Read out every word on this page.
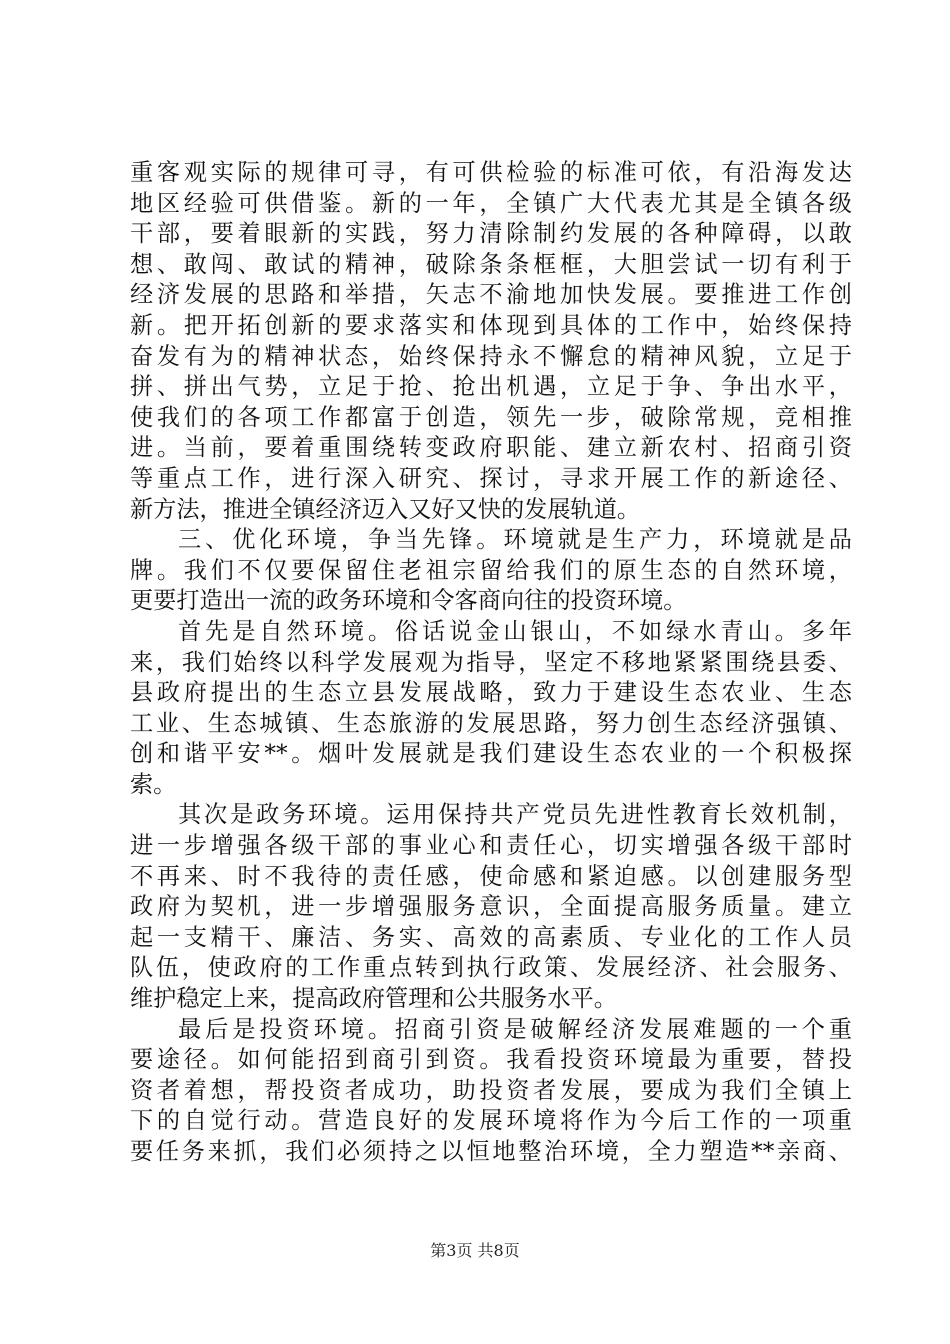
重客观实际的规律可寻，有可供检验的标准可依，有沿海发达
地区经验可供借鉴。新的一年，全镇广大代表尤其是全镇各级
干部，要着眼新的实践，努力清除制约发展的各种障碍，以敢
想、敢闯、敢试的精神，破除条条框框，大胆尝试一切有利于
经济发展的思路和举措，矢志不渝地加快发展。要推进工作创
新。把开拓创新的要求落实和体现到具体的工作中，始终保持
奋发有为的精神状态，始终保持永不懈怠的精神风貌，立足于
拼、拼出气势，立足于抢、抢出机遇，立足于争、争出水平，
使我们的各项工作都富于创造，领先一步，破除常规，竞相推
进。当前，要着重围绕转变政府职能、建立新农村、招商引资
等重点工作，进行深入研究、探讨，寻求开展工作的新途径、
新方法，推进全镇经济迈入又好又快的发展轨道。
三、优化环境，争当先锋。环境就是生产力，环境就是品
牌。我们不仅要保留住老祖宗留给我们的原生态的自然环境，
更要打造出一流的政务环境和令客商向往的投资环境。
首先是自然环境。俗话说金山银山，不如绿水青山。多年
来，我们始终以科学发展观为指导，坚定不移地紧紧围绕县委、
县政府提出的生态立县发展战略，致力于建设生态农业、生态
工业、生态城镇、生态旅游的发展思路，努力创生态经济强镇、
创和谐平安**。烟叶发展就是我们建设生态农业的一个积极探
索。
其次是政务环境。运用保持共产党员先进性教育长效机制，
进一步增强各级干部的事业心和责任心，切实增强各级干部时
不再来、时不我待的责任感，使命感和紧迫感。以创建服务型
政府为契机，进一步增强服务意识，全面提高服务质量。建立
起一支精干、廉洁、务实、高效的高素质、专业化的工作人员
队伍，使政府的工作重点转到执行政策、发展经济、社会服务、
维护稳定上来，提高政府管理和公共服务水平。
最后是投资环境。招商引资是破解经济发展难题的一个重
要途径。如何能招到商引到资。我看投资环境最为重要，替投
资者着想，帮投资者成功，助投资者发展，要成为我们全镇上
下的自觉行动。营造良好的发展环境将作为今后工作的一项重
要任务来抓，我们必须持之以恒地整治环境，全力塑造**亲商、
第3页 共8页
